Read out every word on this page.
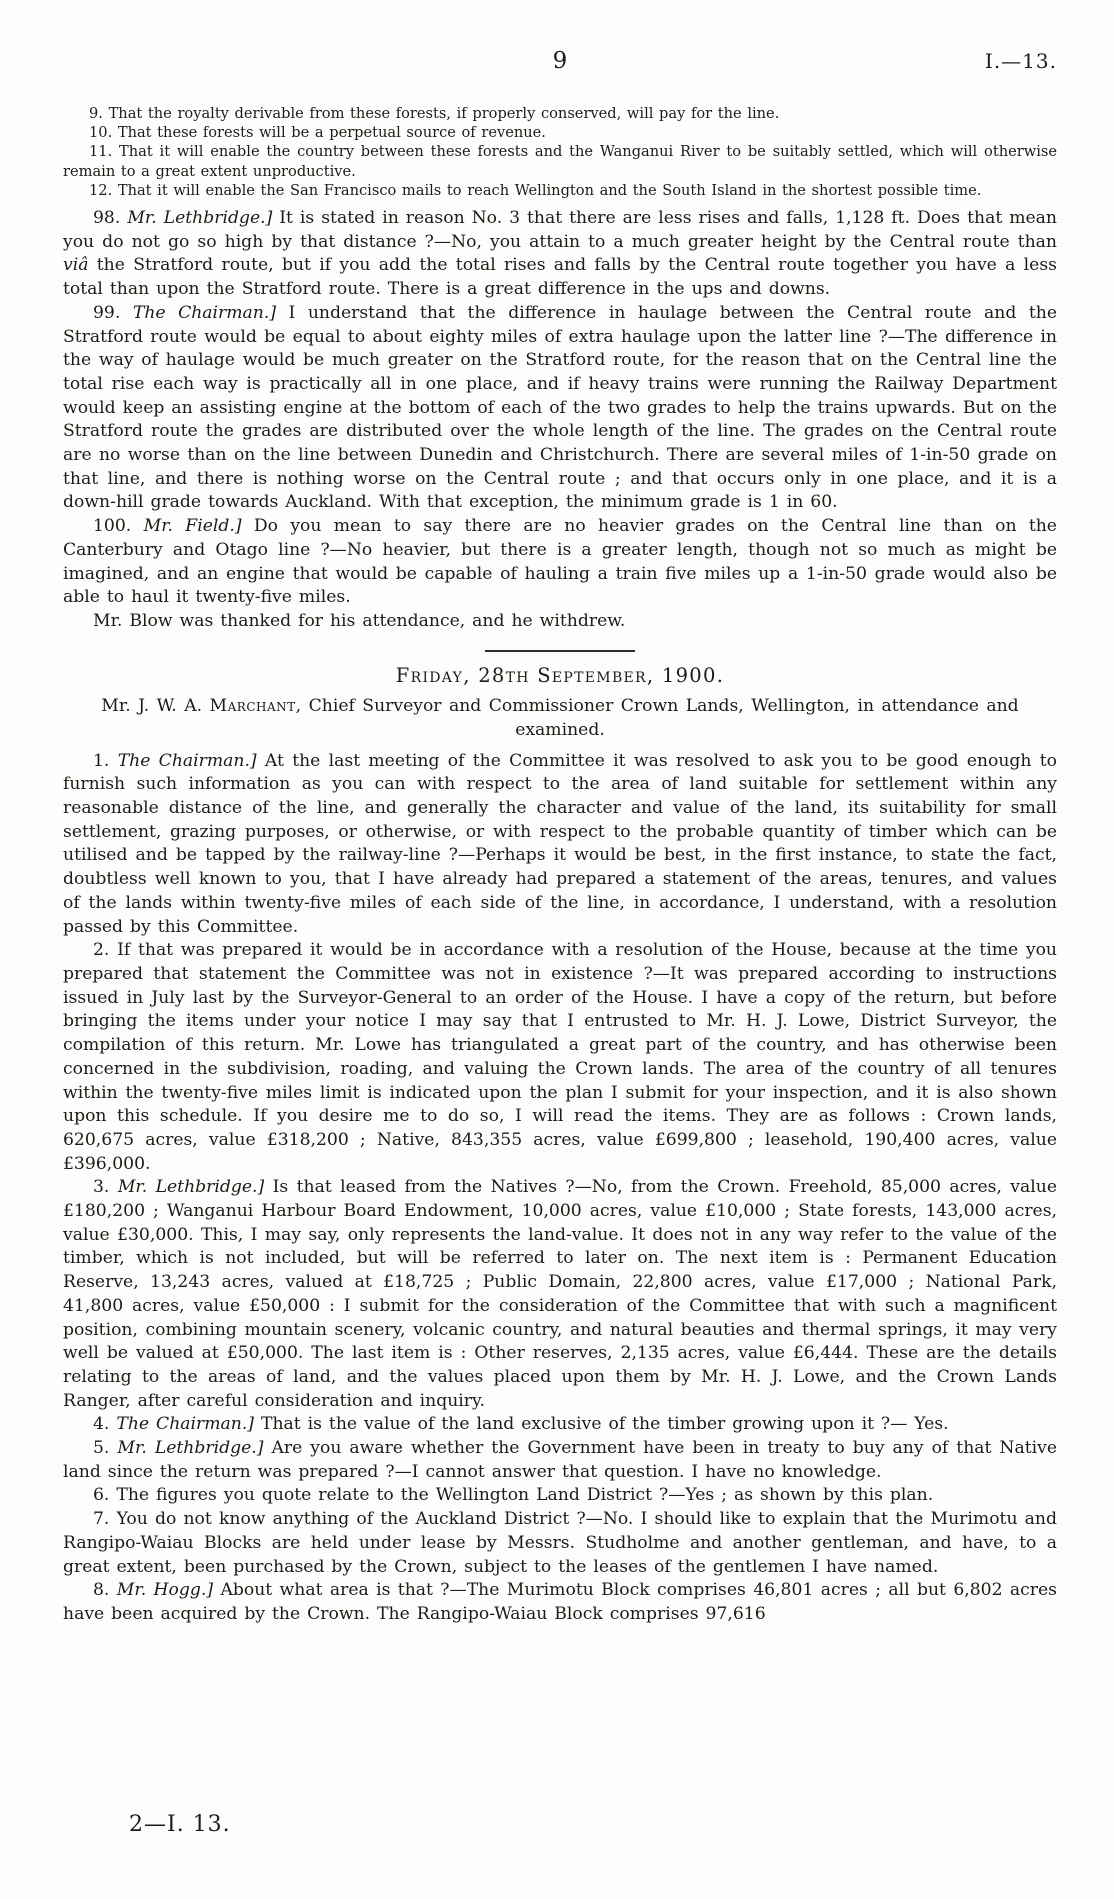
9	I.—13.

9. That the royalty derivable from these forests, if properly conserved, will pay for the line.

10. That these forests will be a perpetual source of revenue.

11. That it will enable the country between these forests and the Wanganui River to be suitably settled, which will otherwise remain to a great extent unproductive.

12. That it will enable the San Francisco mails to reach Wellington and the South Island in the shortest possible time.

98. Mr. Lethbridge.] It is stated in reason No. 3 that there are less rises and falls, 1,128 ft. Does that mean you do not go so high by that distance ?—No, you attain to a much greater height by the Central route than viâ the Stratford route, but if you add the total rises and falls by the Central route together you have a less total than upon the Stratford route. There is a great difference in the ups and downs.

99. The Chairman.] I understand that the difference in haulage between the Central route and the Stratford route would be equal to about eighty miles of extra haulage upon the latter line ?—The difference in the way of haulage would be much greater on the Stratford route, for the reason that on the Central line the total rise each way is practically all in one place, and if heavy trains were running the Railway Department would keep an assisting engine at the bottom of each of the two grades to help the trains upwards. But on the Stratford route the grades are distributed over the whole length of the line. The grades on the Central route are no worse than on the line between Dunedin and Christchurch. There are several miles of 1-in-50 grade on that line, and there is nothing worse on the Central route ; and that occurs only in one place, and it is a down-hill grade towards Auckland. With that exception, the minimum grade is 1 in 60.

100. Mr. Field.] Do you mean to say there are no heavier grades on the Central line than on the Canterbury and Otago line ?—No heavier, but there is a greater length, though not so much as might be imagined, and an engine that would be capable of hauling a train five miles up a 1-in-50 grade would also be able to haul it twenty-five miles.

Mr. Blow was thanked for his attendance, and he withdrew.

Friday, 28th September, 1900.

Mr. J. W. A. Marchant, Chief Surveyor and Commissioner Crown Lands, Wellington, in attendance and examined.

1. The Chairman.] At the last meeting of the Committee it was resolved to ask you to be good enough to furnish such information as you can with respect to the area of land suitable for settlement within any reasonable distance of the line, and generally the character and value of the land, its suitability for small settlement, grazing purposes, or otherwise, or with respect to the probable quantity of timber which can be utilised and be tapped by the railway-line ?—Perhaps it would be best, in the first instance, to state the fact, doubtless well known to you, that I have already had prepared a statement of the areas, tenures, and values of the lands within twenty-five miles of each side of the line, in accordance, I understand, with a resolution passed by this Committee.

2. If that was prepared it would be in accordance with a resolution of the House, because at the time you prepared that statement the Committee was not in existence ?—It was prepared according to instructions issued in July last by the Surveyor-General to an order of the House. I have a copy of the return, but before bringing the items under your notice I may say that I entrusted to Mr. H. J. Lowe, District Surveyor, the compilation of this return. Mr. Lowe has triangulated a great part of the country, and has otherwise been concerned in the subdivision, roading, and valuing the Crown lands. The area of the country of all tenures within the twenty-five miles limit is indicated upon the plan I submit for your inspection, and it is also shown upon this schedule. If you desire me to do so, I will read the items. They are as follows : Crown lands, 620,675 acres, value £318,200 ; Native, 843,355 acres, value £699,800 ; leasehold, 190,400 acres, value £396,000.

3. Mr. Lethbridge.] Is that leased from the Natives ?—No, from the Crown. Freehold, 85,000 acres, value £180,200 ; Wanganui Harbour Board Endowment, 10,000 acres, value £10,000 ; State forests, 143,000 acres, value £30,000. This, I may say, only represents the land-value. It does not in any way refer to the value of the timber, which is not included, but will be referred to later on. The next item is : Permanent Education Reserve, 13,243 acres, valued at £18,725 ; Public Domain, 22,800 acres, value £17,000 ; National Park, 41,800 acres, value £50,000 : I submit for the consideration of the Committee that with such a magnificent position, combining mountain scenery, volcanic country, and natural beauties and thermal springs, it may very well be valued at £50,000. The last item is : Other reserves, 2,135 acres, value £6,444. These are the details relating to the areas of land, and the values placed upon them by Mr. H. J. Lowe, and the Crown Lands Ranger, after careful consideration and inquiry.

4. The Chairman.] That is the value of the land exclusive of the timber growing upon it ?— Yes.

5. Mr. Lethbridge.] Are you aware whether the Government have been in treaty to buy any of that Native land since the return was prepared ?—I cannot answer that question. I have no knowledge.

6. The figures you quote relate to the Wellington Land District ?—Yes ; as shown by this plan.

7. You do not know anything of the Auckland District ?—No. I should like to explain that the Murimotu and Rangipo-Waiau Blocks are held under lease by Messrs. Studholme and another gentleman, and have, to a great extent, been purchased by the Crown, subject to the leases of the gentlemen I have named.

8. Mr. Hogg.] About what area is that ?—The Murimotu Block comprises 46,801 acres ; all but 6,802 acres have been acquired by the Crown. The Rangipo-Waiau Block comprises 97,616

2—I. 13.
